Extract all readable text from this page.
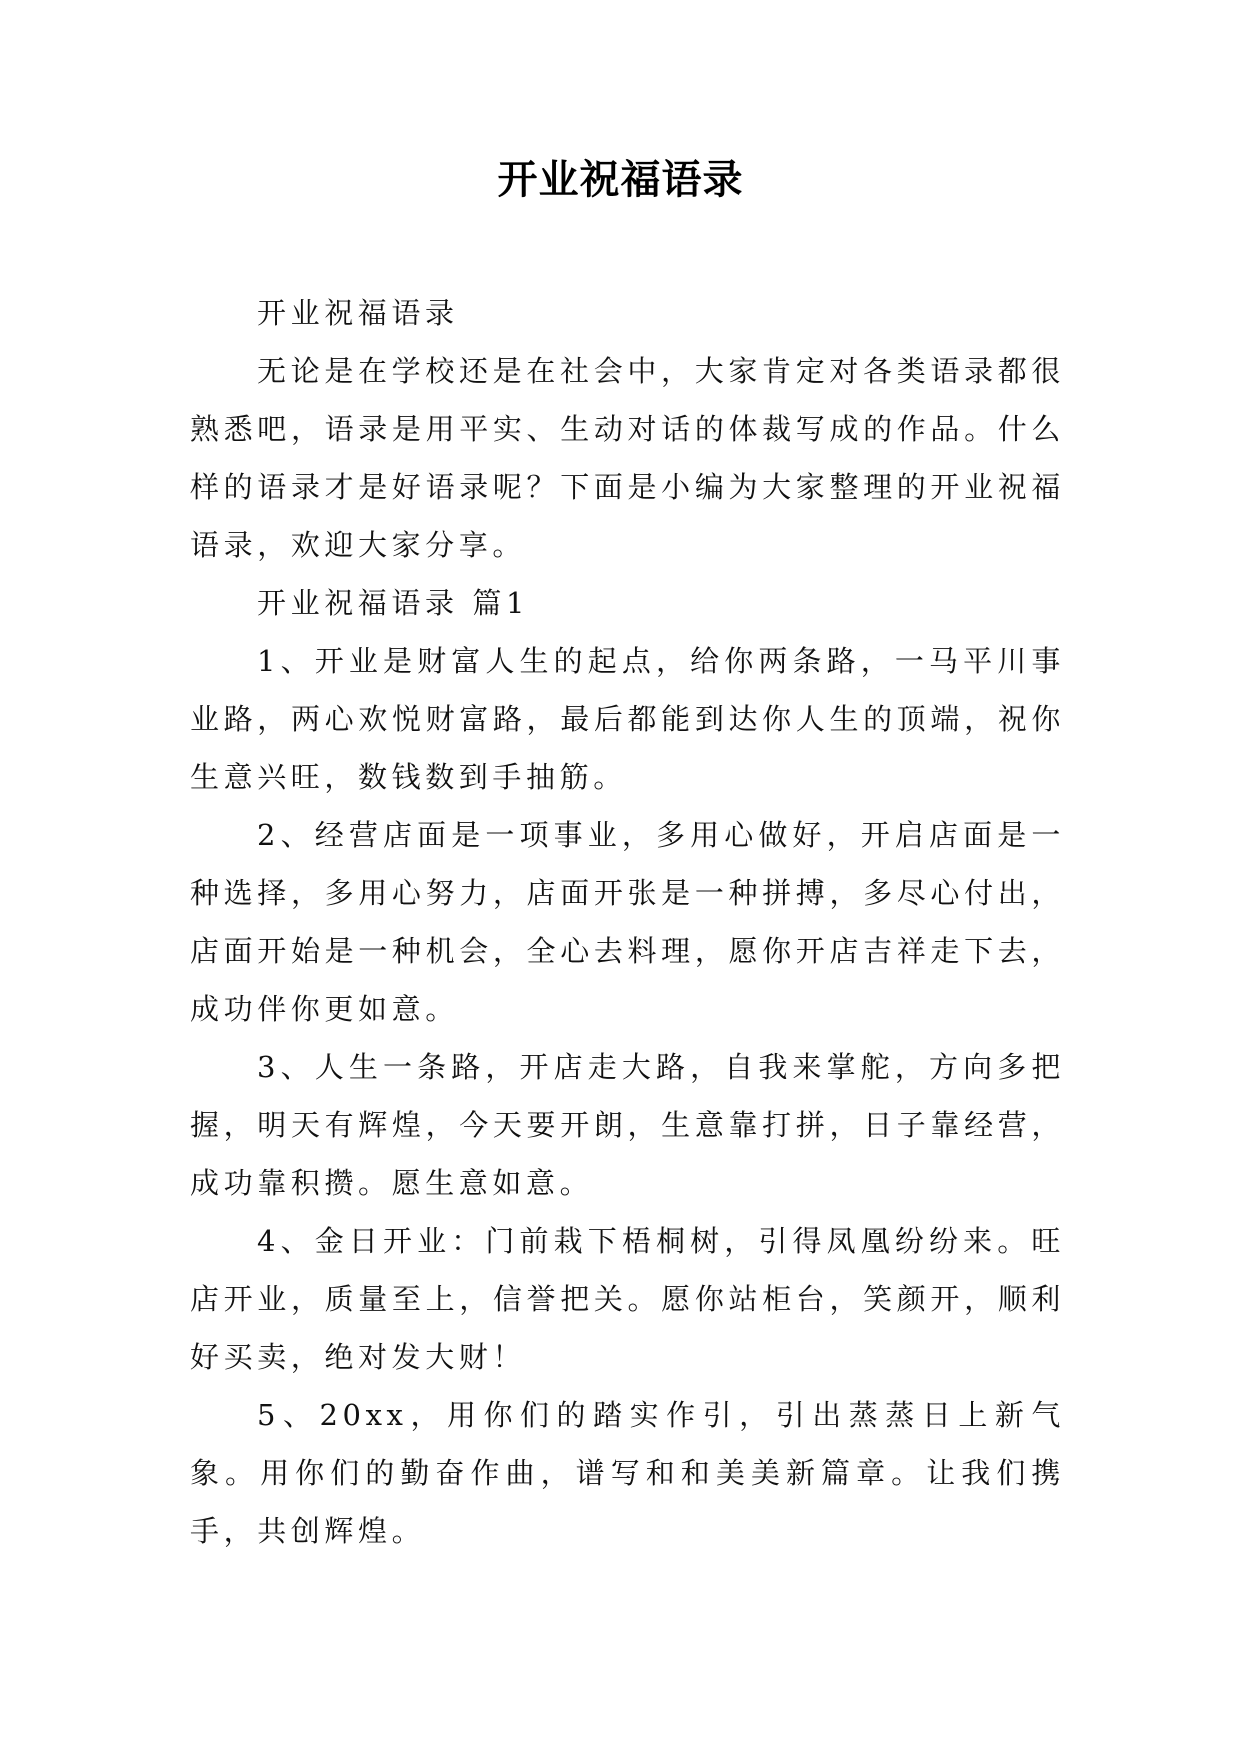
开业祝福语录

开业祝福语录

无论是在学校还是在社会中，大家肯定对各类语录都很熟悉吧，语录是用平实、生动对话的体裁写成的作品。什么样的语录才是好语录呢？下面是小编为大家整理的开业祝福语录，欢迎大家分享。

开业祝福语录 篇1

1、开业是财富人生的起点，给你两条路，一马平川事业路，两心欢悦财富路，最后都能到达你人生的顶端，祝你生意兴旺，数钱数到手抽筋。

2、经营店面是一项事业，多用心做好，开启店面是一种选择，多用心努力，店面开张是一种拼搏，多尽心付出，店面开始是一种机会，全心去料理，愿你开店吉祥走下去，成功伴你更如意。

3、人生一条路，开店走大路，自我来掌舵，方向多把握，明天有辉煌，今天要开朗，生意靠打拼，日子靠经营，成功靠积攒。愿生意如意。

4、金日开业：门前栽下梧桐树，引得凤凰纷纷来。旺店开业，质量至上，信誉把关。愿你站柜台，笑颜开，顺利好买卖，绝对发大财！

5、20xx，用你们的踏实作引，引出蒸蒸日上新气象。用你们的勤奋作曲，谱写和和美美新篇章。让我们携手，共创辉煌。
